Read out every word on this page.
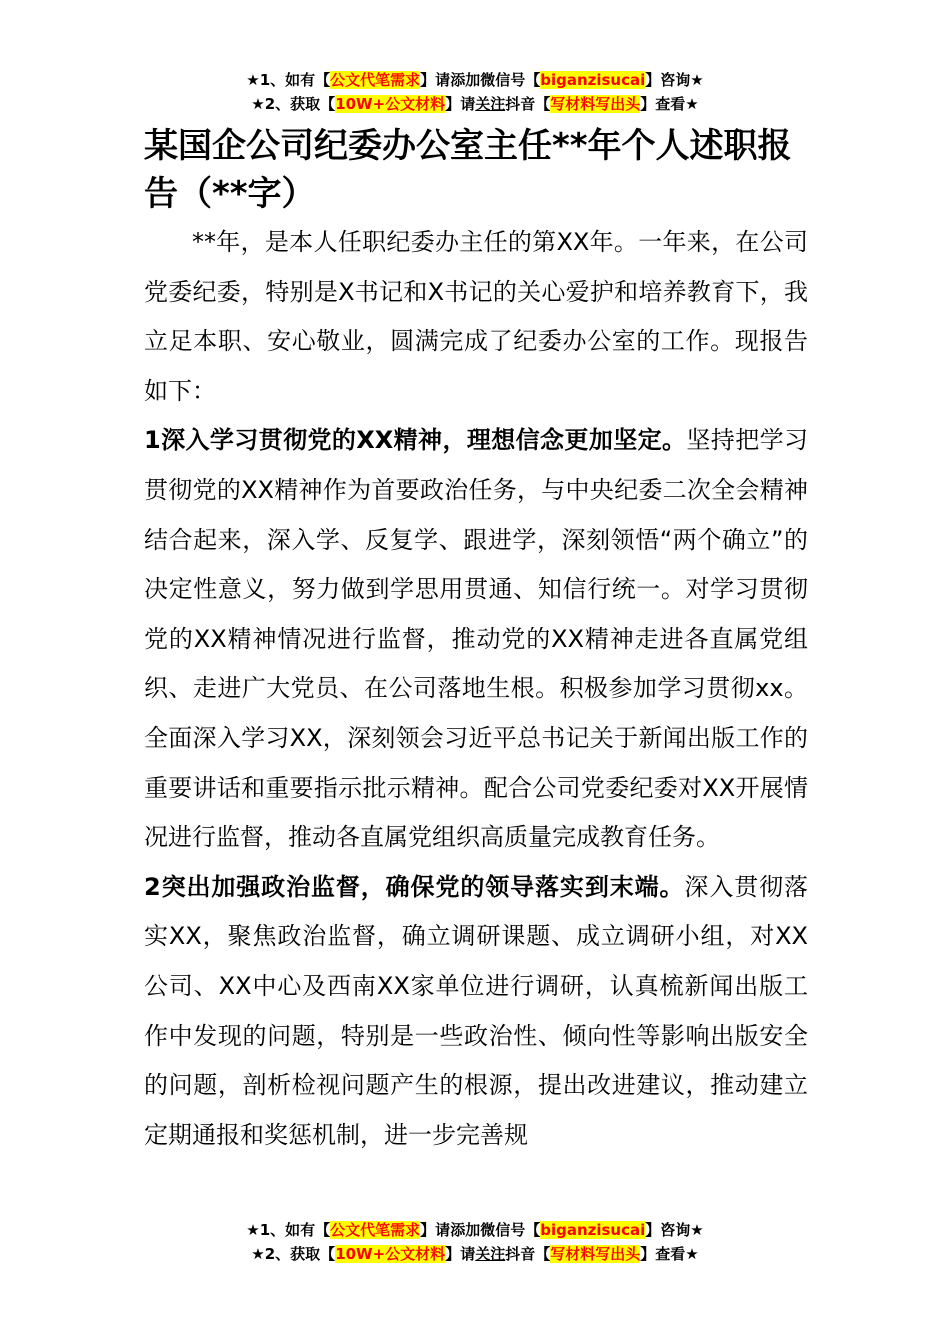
★1、如有【公文代笔需求】请添加微信号【biganzisucai】咨询★
★2、获取【10W+公文材料】请关注抖音【写材料写出头】查看★
某国企公司纪委办公室主任**年个人述职报告（**字）

**年，是本人任职纪委办主任的第XX年。一年来，在公司党委纪委，特别是X书记和X书记的关心爱护和培养教育下，我立足本职、安心敬业，圆满完成了纪委办公室的工作。现报告如下：

1深入学习贯彻党的XX精神，理想信念更加坚定。坚持把学习贯彻党的XX精神作为首要政治任务，与中央纪委二次全会精神结合起来，深入学、反复学、跟进学，深刻领悟“两个确立”的决定性意义，努力做到学思用贯通、知信行统一。对学习贯彻党的XX精神情况进行监督，推动党的XX精神走进各直属党组织、走进广大党员、在公司落地生根。积极参加学习贯彻xx。全面深入学习XX，深刻领会习近平总书记关于新闻出版工作的重要讲话和重要指示批示精神。配合公司党委纪委对XX开展情况进行监督，推动各直属党组织高质量完成教育任务。

2突出加强政治监督，确保党的领导落实到末端。深入贯彻落实XX，聚焦政治监督，确立调研课题、成立调研小组，对XX公司、XX中心及西南XX家单位进行调研，认真梳新闻出版工作中发现的问题，特别是一些政治性、倾向性等影响出版安全的问题，剖析检视问题产生的根源，提出改进建议，推动建立定期通报和奖惩机制，进一步完善规

★1、如有【公文代笔需求】请添加微信号【biganzisucai】咨询★
★2、获取【10W+公文材料】请关注抖音【写材料写出头】查看★
